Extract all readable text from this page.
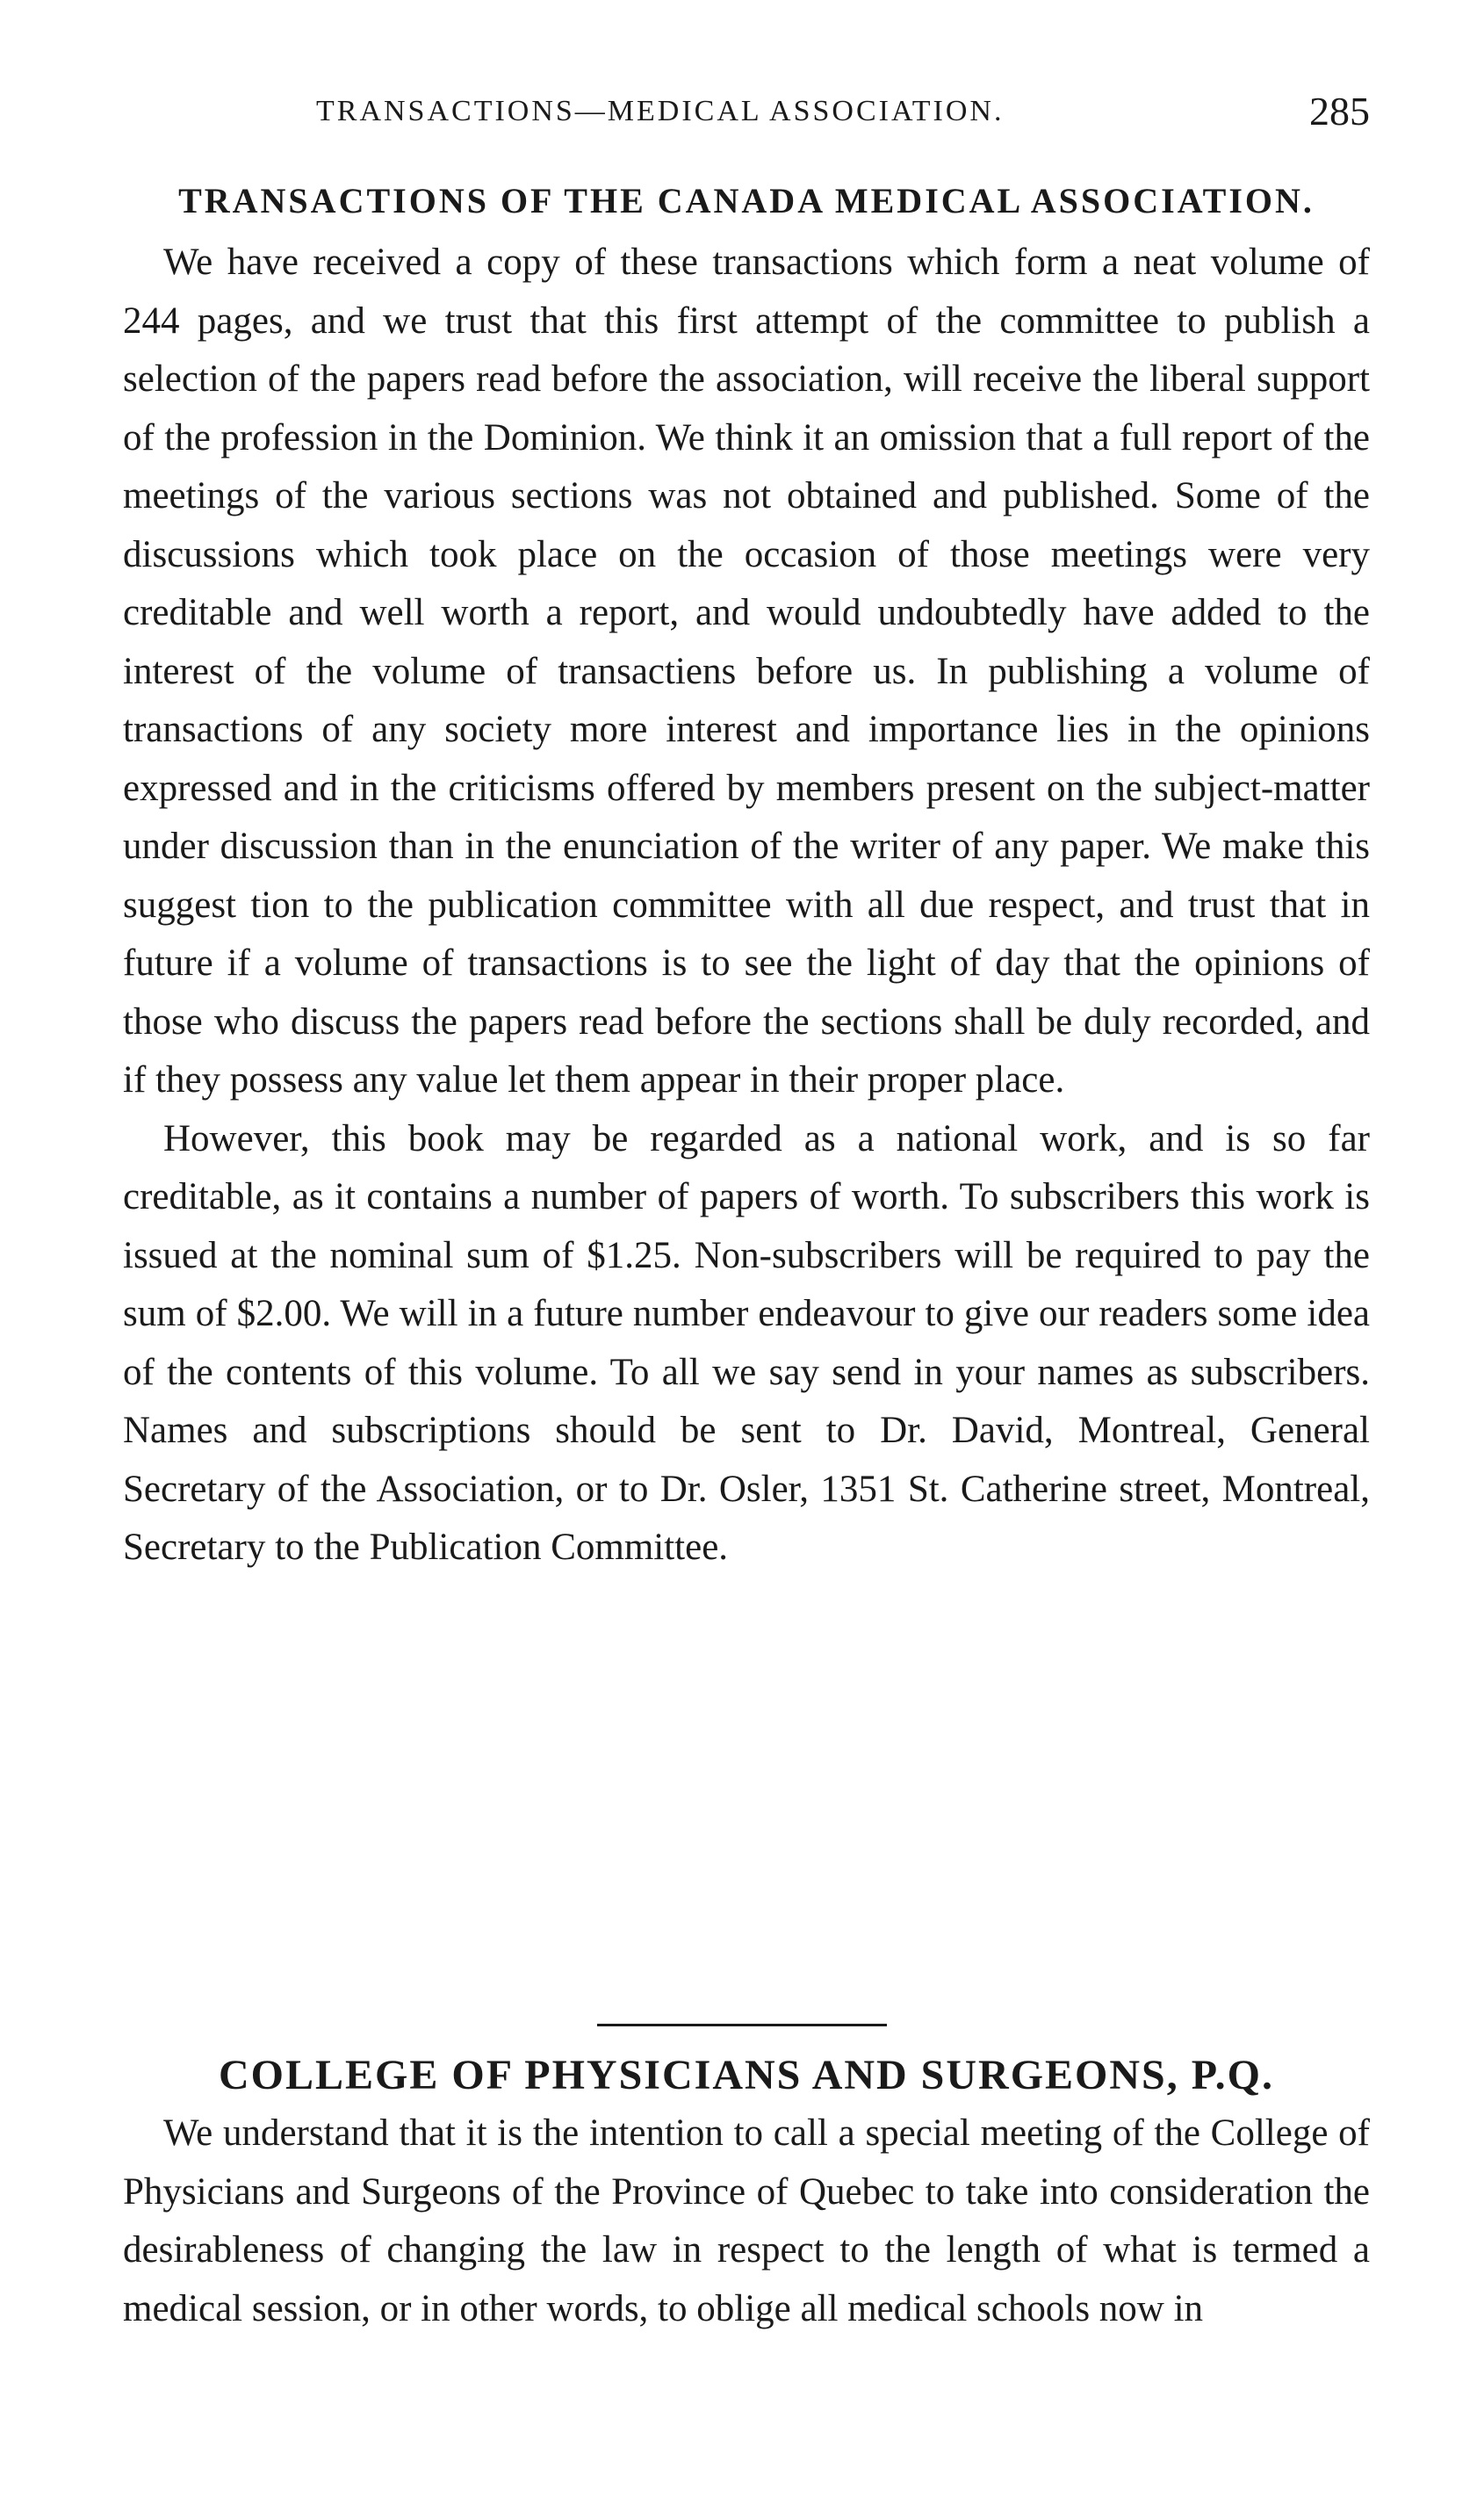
TRANSACTIONS—MEDICAL ASSOCIATION.	285
TRANSACTIONS OF THE CANADA MEDICAL ASSOCIATION.

We have received a copy of these transactions which form a neat volume of 244 pages, and we trust that this first attempt of the committee to publish a selection of the papers read before the association, will receive the liberal support of the profession in the Dominion. We think it an omission that a full report of the meetings of the various sections was not obtained and published. Some of the discussions which took place on the occasion of those meetings were very creditable and well worth a report, and would undoubtedly have added to the interest of the volume of transactiens before us. In publishing a volume of transactions of any society more interest and importance lies in the opinions expressed and in the criticisms offered by members present on the subject-matter under discussion than in the enunciation of the writer of any paper. We make this suggest tion to the publication committee with all due respect, and trust that in future if a volume of transactions is to see the light of day that the opinions of those who discuss the papers read before the sections shall be duly recorded, and if they possess any value let them appear in their proper place.

However, this book may be regarded as a national work, and is so far creditable, as it contains a number of papers of worth. To subscribers this work is issued at the nominal sum of $1.25. Non-subscribers will be required to pay the sum of $2.00. We will in a future number endeavour to give our readers some idea of the contents of this volume. To all we say send in your names as subscribers. Names and subscriptions should be sent to Dr. David, Montreal, General Secretary of the Association, or to Dr. Osler, 1351 St. Catherine street, Montreal, Secretary to the Publication Committee.

COLLEGE OF PHYSICIANS AND SURGEONS, P.Q.

We understand that it is the intention to call a special meeting of the College of Physicians and Surgeons of the Province of Quebec to take into consideration the desirableness of changing the law in respect to the length of what is termed a medical session, or in other words, to oblige all medical schools now in
